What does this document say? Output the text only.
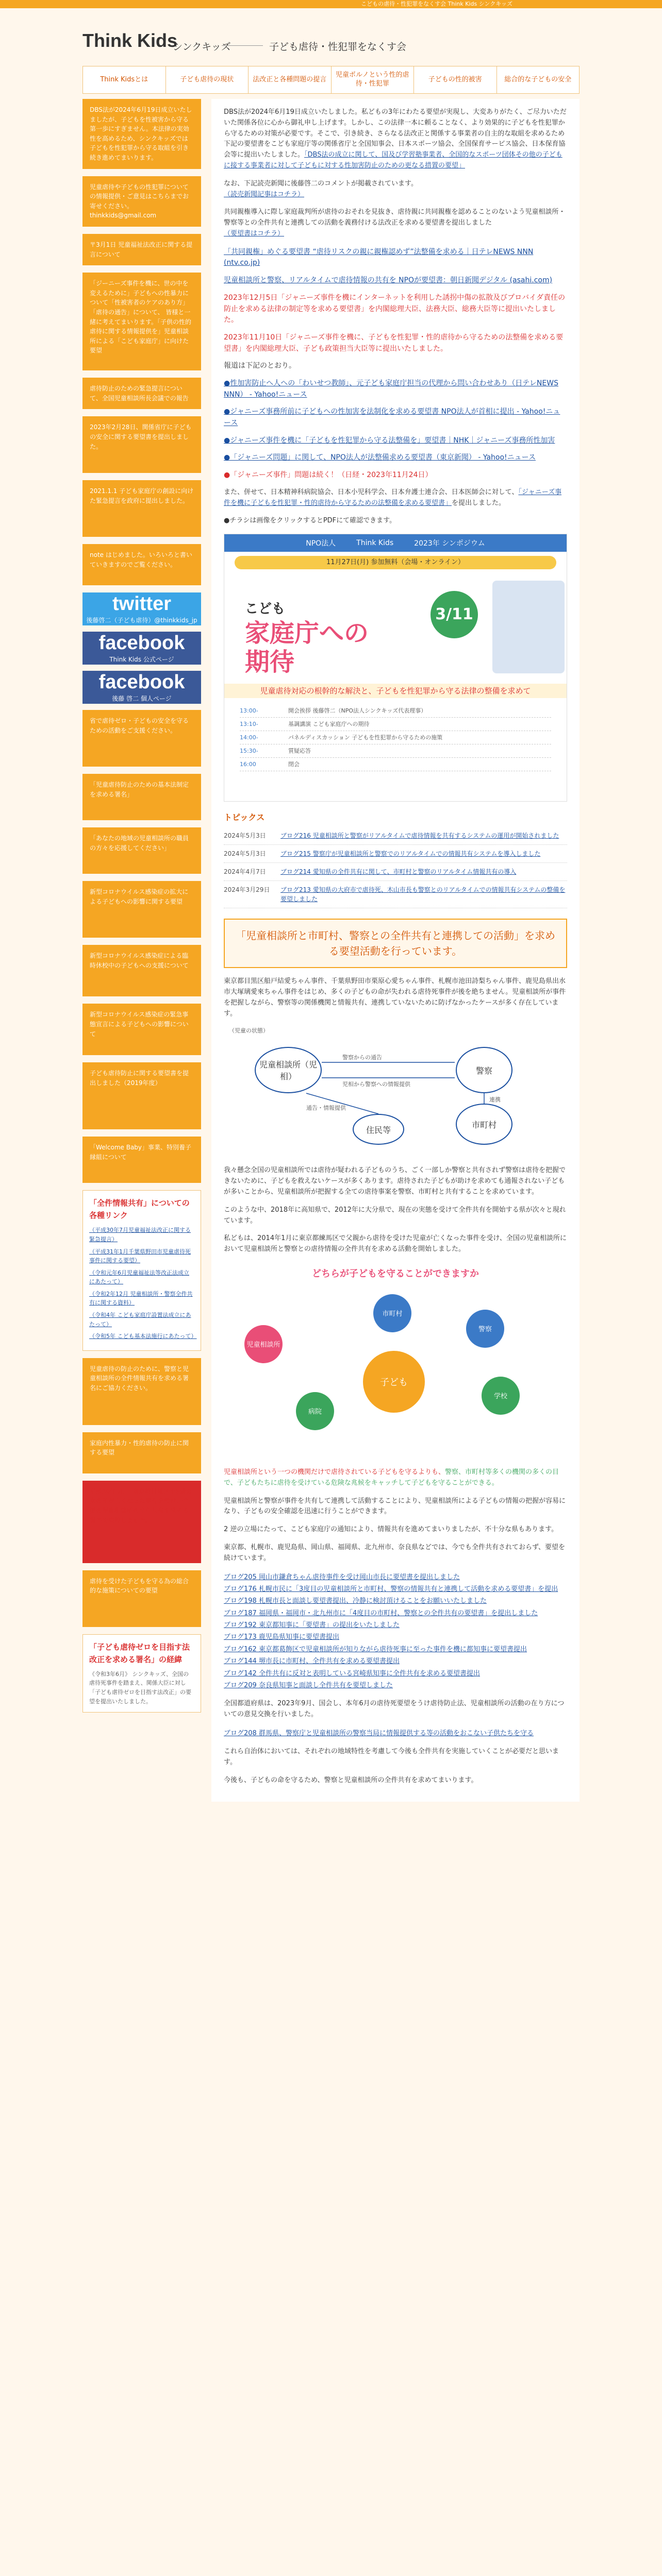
こどもの虐待・性犯罪をなくす会 Think Kids シンクキッズ
Think Kids
シンクキッズ	子ども虐待・性犯罪をなくす会
Think Kidsとは	子ども虐待の現状	法改正と各種問題の提言
児童ポルノという性的虐待・性犯罪
子どもの性的被害	総合的な子どもの安全
DBS法が2024年6月19日成立いたしましたが、子どもを性被害から守る第一歩にすぎません。本法律の実効性を高めるため、シンクキッズでは子どもを性犯罪から守る取組を引き続き進めてまいります。
児童虐待や子どもの性犯罪についての情報提供・ご意見はこちらまでお寄せください。
thinkkids@gmail.com
〒3月1日 児童福祉法改正に関する提言について
「ジーニーズ事件を機に、世の中を変えるために」子どもへの性暴力について「性被害者のケアのあり方」「虐待の通告」について、 皆様と一緒に考えてまいります。「子供の性的虐待に関する情報提供を」児童相談所による「こども家庭庁」に向けた要望
虐待防止のための緊急提言について、全国児童相談所長会議での報告
2023年2月28日、関係省庁に子どもの安全に関する要望書を提出しました。
2021.1.1 子ども家庭庁の創設に向けた緊急提言を政府に提出しました。
note はじめました。いろいろと書いていきますのでご覧ください。
twitter
後藤啓二（子ども虐待）@thinkkids_jp
facebook
Think Kids 公式ページ
facebook
後藤 啓二 個人ページ
省で虐待ゼロ・子どもの安全を守るための活動をご支援ください。
「児童虐待防止のための基本法制定を求める署名」
「あなたの地域の児童相談所の職員の方々を応援してください」
新型コロナウイルス感染症の拡大による子どもへの影響に関する要望
新型コロナウイルス感染症による臨時休校中の子どもへの支援について
新型コロナウイルス感染症の緊急事態宣言による子どもへの影響について
子ども虐待防止に関する要望書を提出しました（2019年度）
「Welcome Baby」事業、特別養子縁組について
「全件情報共有」についての各種リンク
（平成30年7月児童福祉法改正に関する緊急提言）
（平成31年1月千葉県野田市児童虐待死事件に関する要望）
（令和元年6月児童福祉法等改正法成立にあたって）
（令和2年12月 児童相談所・警察全件共有に関する資料）
（令和4年 こども家庭庁設置法成立にあたって）
（令和5年 こども基本法施行にあたって）
児童虐待の防止のために、警察と児童相談所の全件情報共有を求める署名にご協力ください。
家庭内性暴力・性的虐待の防止に関する要望
平成30年3月、東京都目黒区で5歳の女の子が亡くなった事件を受け、全国の児童相談所の全件共有を求める署名を実施しました。
虐待を受けた子どもを守る為の総合的な施策についての要望
「子ども虐待ゼロを目指す法改正を求める署名」の経緯
《令和3年6月》 シンクキッズ、全国の虐待死事件を踏まえ、関係大臣に対し「子ども虐待ゼロを目指す法改正」の要望を提出いたしました。

DBS法が2024年6月19日成立いたしました。私どもの3年にわたる要望が実現し、大変ありがたく、ご尽力いただいた関係各位に心から御礼申し上げます。しかし、この法律一本に頼ることなく、より効果的に子どもを性犯罪から守るための対策が必要です。そこで、引き続き、さらなる法改正と関係する事業者の自主的な取組を求めるため下記の要望書をこども家庭庁等の関係省庁と全国知事会、日本スポーツ協会、全国保育サービス協会、日本保育協会等に提出いたしました。「DBS法の成立に関して、国及び学習塾事業者、全国的なスポーツ団体その他の子どもに接する事業者に対して子どもに対する性加害防止のための更なる措置の要望」

なお、下記読売新聞に後藤啓二のコメントが掲載されています。
（読売新聞記事はコチラ）

共同親権導入に際し家庭裁判所が虐待のおそれを見抜き、虐待親に共同親権を認めることのないよう児童相談所・警察等との全件共有と連携しての活動を義務付ける法改正を求める要望書を提出しました
（要望書はコチラ）

「共同親権」めぐる要望書 “虐待リスクの親に親権認めず”法整備を求める｜日テレNEWS NNN (ntv.co.jp)
児童相談所と警察、リアルタイムで虐待情報の共有を NPOが要望書：朝日新聞デジタル (asahi.com)
2023年12月5日「ジャニーズ事件を機にインターネットを利用した誘拐中傷の拡散及びプロバイダ責任の防止を求める法律の制定等を求める要望書」を内閣総理大臣、法務大臣、総務大臣等に提出いたしました。
2023年11月10日「ジャニーズ事件を機に、子どもを性犯罪・性的虐待から守るための法整備を求める要望書」を内閣総理大臣、子ども政策担当大臣等に提出いたしました。
報道は下記のとおり。
●性加害防止へ人への「わいせつ教師」、元子ども家庭庁担当の代理から問い合わせあり（日テレNEWS NNN） - Yahoo!ニュース
●ジャニーズ事務所前に子どもへの性加害を法制化を求める要望書 NPO法人が首相に提出 - Yahoo!ニュース
●ジャニーズ事件を機に「子どもを性犯罪から守る法整備を」要望書｜NHK｜ジャニーズ事務所性加害
●「ジャニーズ問題」に関して、NPO法人が法整備求める要望書（東京新聞） - Yahoo!ニュース
●「ジャニーズ事件」問題は続く！（日経・2023年11月24日）

また、併せて、日本精神科病院協会、日本小児科学会、日本弁護士連合会、日本医師会に対して、「ジャニーズ事件を機に子どもを性犯罪・性的虐待から守るための法整備を求める要望書」を提出しました。

●チラシは画像をクリックするとPDFにて確認できます。

NPO法人	Think Kids	2023年 シンポジウム
11月27日(月) 参加無料（会場・オンライン）
こども
家庭庁への
期待
3/11
児童虐待対応の根幹的な解決と、子どもを性犯罪から守る法律の整備を求めて
13:00-	開会挨拶 後藤啓二（NPO法人シンクキッズ代表理事）
13:10-	基調講演 こども家庭庁への期待
14:00-	パネルディスカッション 子どもを性犯罪から守るための施策
15:30-	質疑応答
16:00	閉会
トピックス
2024年5月3日	ブログ216 児童相談所と警察がリアルタイムで虐待情報を共有するシステムの運用が開始されました
2024年5月3日	ブログ215 警察庁が児童相談所と警察でのリアルタイムでの情報共有システムを導入しました
2024年4月7日	ブログ214 愛知県の全件共有に関して、市町村と警察のリアルタイム情報共有の導入
2024年3月29日	ブログ213 愛知県の大府市で虐待死、木山市長も警察とのリアルタイムでの情報共有システムの整備を要望しました
「児童相談所と市町村、警察との全件共有と連携しての活動」を求める要望活動を行っています。

東京都目黒区船戸結愛ちゃん事件、千葉県野田市栗原心愛ちゃん事件、札幌市池田詩梨ちゃん事件、鹿児島県出水市大塚璃愛來ちゃん事件をはじめ、多くの子どもの命が失われる虐待死事件が後を絶ちません。児童相談所が事件を把握しながら、警察等の関係機関と情報共有、連携していないために防げなかったケースが多く存在しています。

（児童の状態）
児童相談所（児相）
警察
市町村
住民等
警察からの通告
児相から警察への情報提供
通告・情報提供
連携

我々懸念全国の児童相談所では虐待が疑われる子どものうち、ごく一部しか警察と共有されず警察は虐待を把握できないために、子どもを救えないケースが多くあります。虐待された子どもが助けを求めても通報されない子どもが多いことから、児童相談所が把握する全ての虐待事案を警察、市町村と共有することを求めています。

このような中、2018年に高知県で、2012年に大分県で、現在の実態を受けて全件共有を開始する県が次々と現れています。

私どもは、2014年1月に東京都練馬区で父親から虐待を受けた児童が亡くなった事件を受け、全国の児童相談所において児童相談所と警察との虐待情報の全件共有を求める活動を開始しました。

どちらが子どもを守ることができますか
児童相談所
市町村
警察
学校
病院
子ども

児童相談所という一つの機関だけで虐待されている子どもを守るよりも、警察、市町村等多くの機関の多くの目で、子どもたちに虐待を受けている危険な兆候をキャッチして子どもを守ることができる。

児童相談所と警察が事件を共有して連携して活動することにより、児童相談所による子どもの情報の把握が容易になり、子どもの安全確認を迅速に行うことができます。

2 逆の立場にたって、こども家庭庁の通知により、情報共有を進めてまいりましたが、不十分な県もあります。

東京都、札幌市、鹿児島県、岡山県、福岡県、北九州市、奈良県などでは、今でも全件共有されておらず、要望を続けています。

ブログ205 岡山市鎌倉ちゃん虐待事件を受け岡山市長に要望書を提出しました
ブログ176 札幌市民に「3度目の児童相談所と市町村、警察の情報共有と連携して活動を求める要望書」を提出
ブログ198 札幌市長と面談し要望書提出、冷静に検討頂けることをお願いいたしました
ブログ187 福岡県・福岡市・北九州市に「4度目の市町村、警察との全件共有の要望書」を提出しました
ブログ192 東京都知事に「要望書」の提出をいたしました
ブログ173 鹿児島県知事に要望書提出
ブログ162 東京都葛飾区で児童相談所が知りながら虐待死事に至った事件を機に都知事に要望書提出
ブログ144 堺市長に市町村、全件共有を求める要望書提出
ブログ142 全件共有に反対と表明している宮崎県知事に全件共有を求める要望書提出
ブログ209 奈良県知事と面談し全件共有を要望しました

全国都道府県は、2023年9月、国会し、本年6月の虐待死要望をうけ虐待防止法、児童相談所の活動の在り方についての意見交換を行いました。

ブログ208 群馬県、警察庁と児童相談所の警察当局に情報提供する等の活動をおこない子供たちを守る

これら自治体においては、それぞれの地域特性を考慮して今後も全件共有を実施していくことが必要だと思います。

今後も、子どもの命を守るため、警察と児童相談所の全件共有を求めてまいります。
